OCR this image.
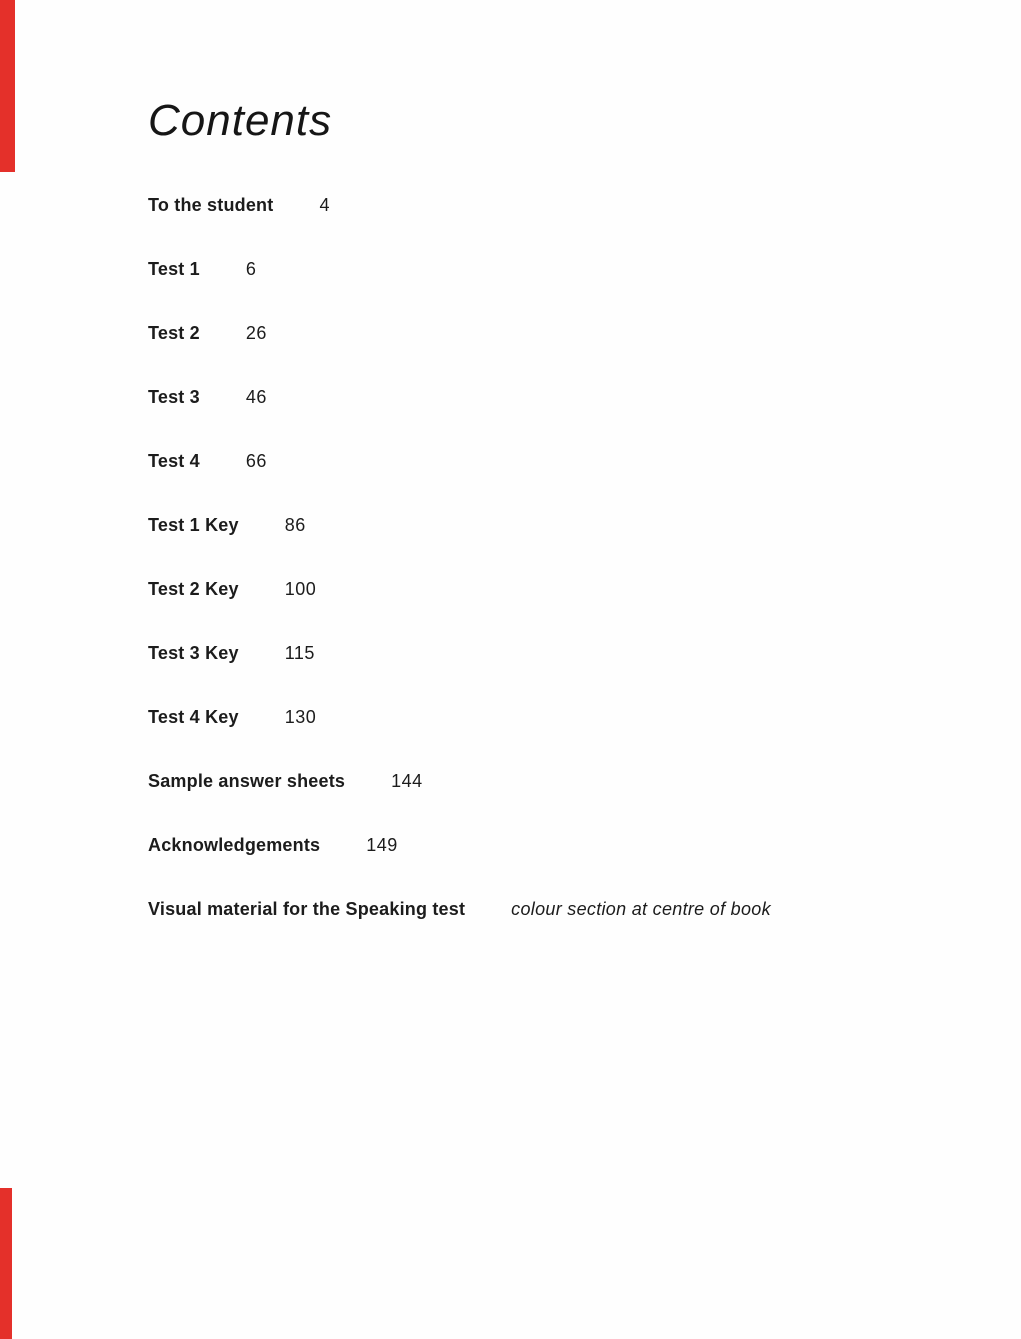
Contents
To the student	4
Test 1	6
Test 2	26
Test 3	46
Test 4	66
Test 1 Key	86
Test 2 Key	100
Test 3 Key	115
Test 4 Key	130
Sample answer sheets	144
Acknowledgements	149
Visual material for the Speaking test	colour section at centre of book
